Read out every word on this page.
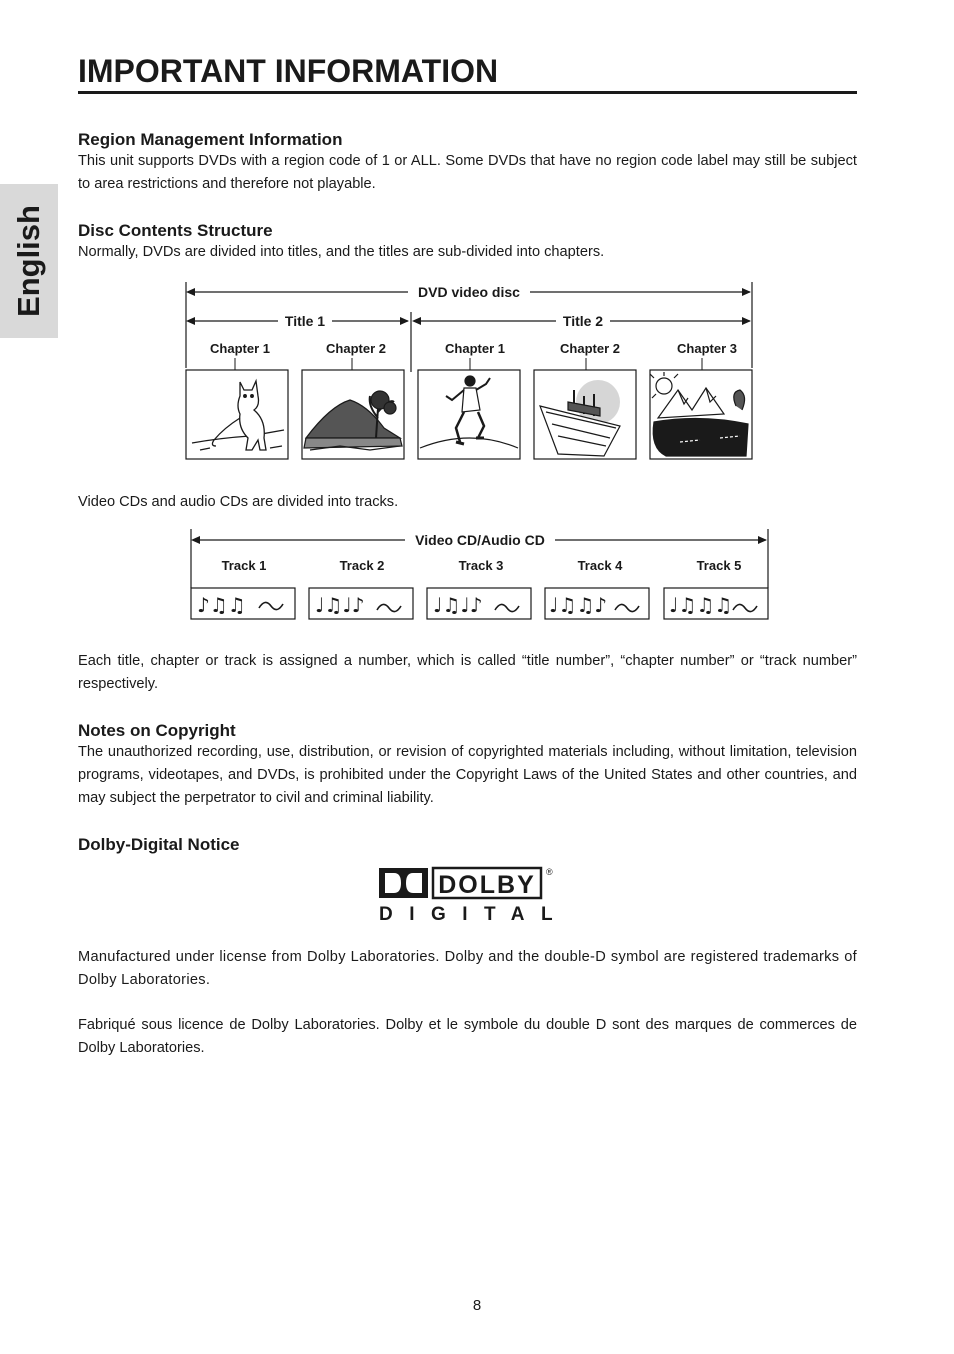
English
IMPORTANT INFORMATION
Region Management Information

This unit supports DVDs with a region code of 1 or ALL. Some DVDs that have no region code label may still be subject to area restrictions and therefore not playable.

Disc Contents Structure

Normally, DVDs are divided into titles, and the titles are sub-divided into chapters.

DVD video disc
Title 1	Title 2
Chapter 1	Chapter 2	Chapter 1	Chapter 2	Chapter 3

Video CDs and audio CDs are divided into tracks.

Video CD/Audio CD
Track 1	Track 2	Track 3	Track 4	Track 5
♪♫♫	♩♫♩♪	♩♫♩♪	♩♫♫♪	♩♫♫♫

Each title, chapter or track is assigned a number, which is called “title number”, “chapter number” or “track number” respectively.

Notes on Copyright

The unauthorized recording, use, distribution, or revision of copyrighted materials including, without limitation, television programs, videotapes, and DVDs, is prohibited under the Copyright Laws of the United States and other countries, and may subject the perpetrator to civil and criminal liability.

Dolby-Digital Notice
DOLBY ®
DIGITAL

Manufactured under license from Dolby Laboratories. Dolby and the double-D symbol are registered trademarks of Dolby Laboratories.

Fabriqué sous licence de Dolby Laboratories. Dolby et le symbole du double D sont des marques de commerces de Dolby Laboratories.

8
